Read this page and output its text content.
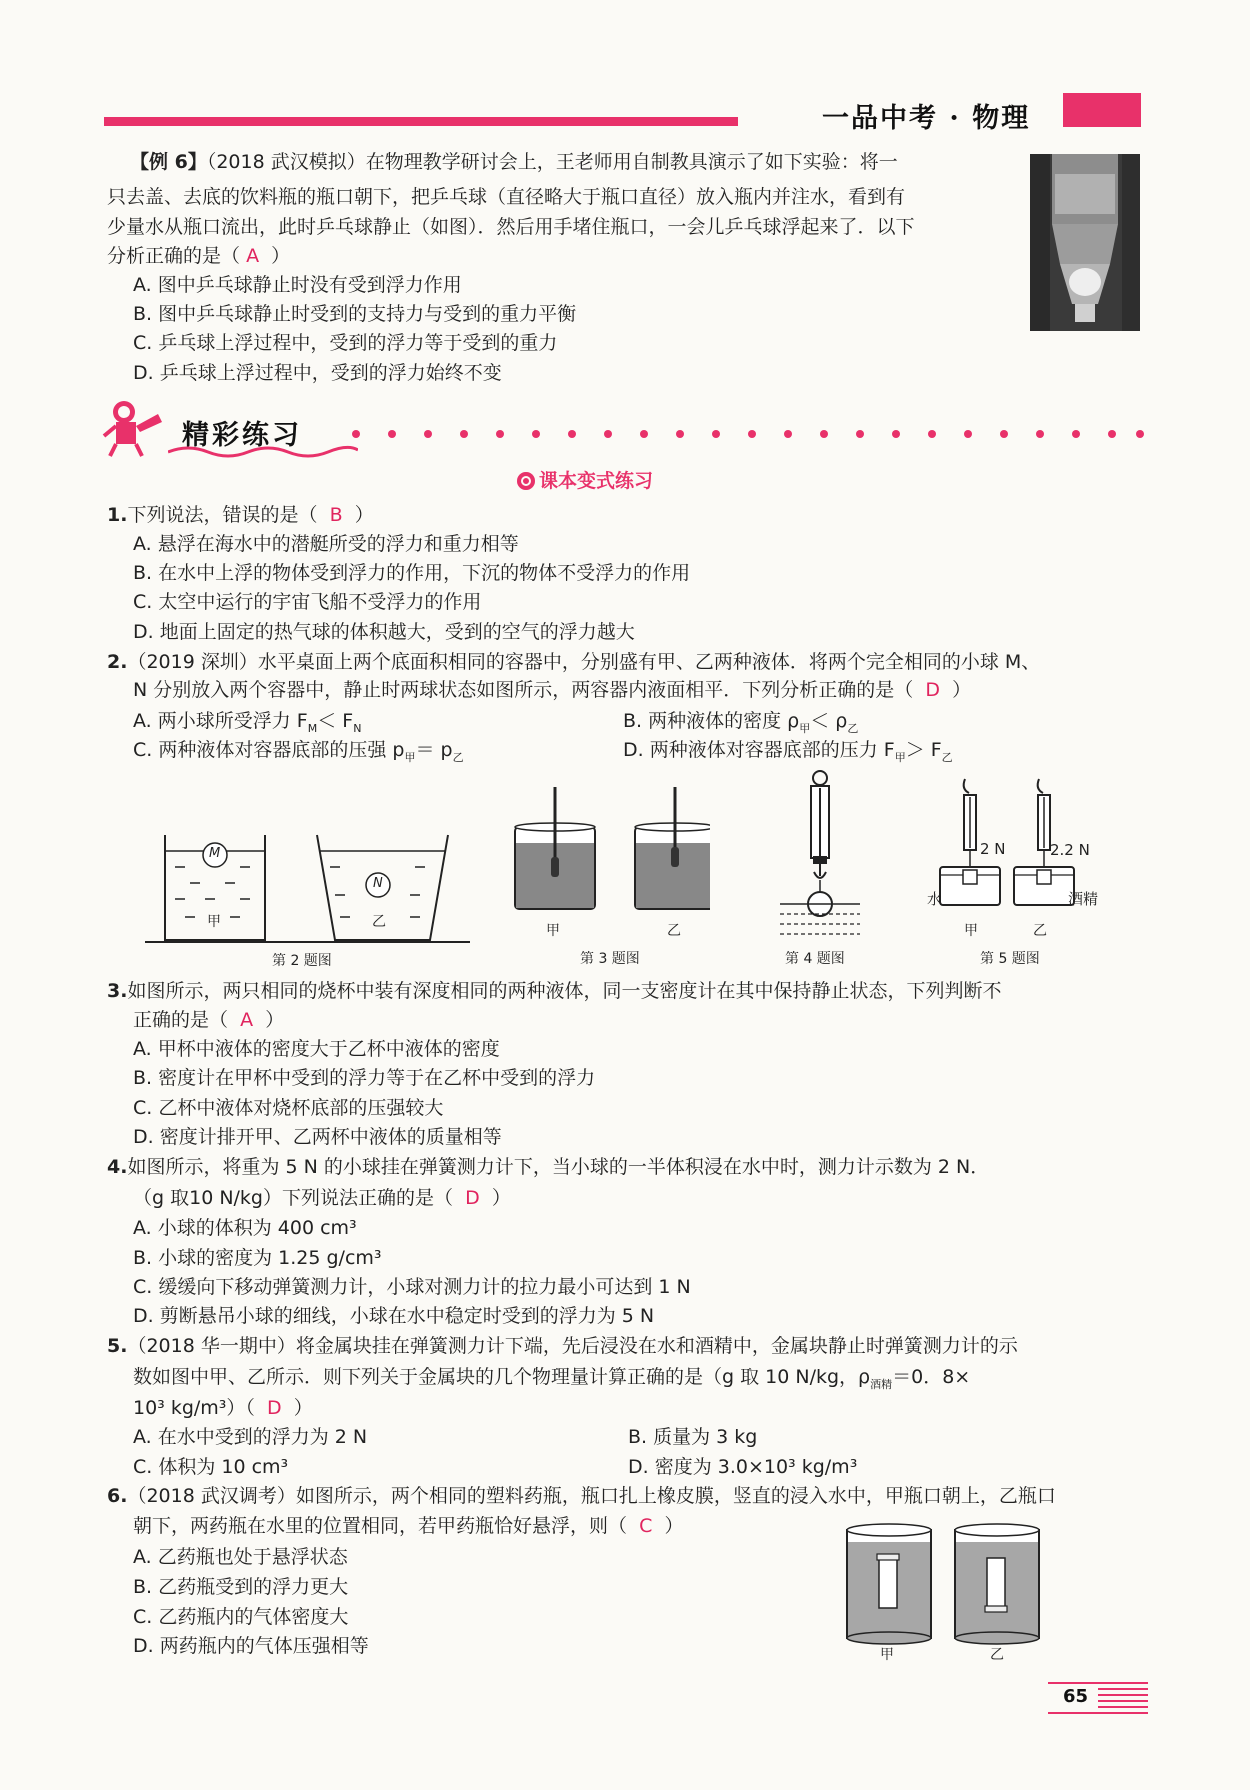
一品中考 · 物理
【例 6】（2018 武汉模拟）在物理教学研讨会上，王老师用自制教具演示了如下实验：将一
只去盖、去底的饮料瓶的瓶口朝下，把乒乓球（直径略大于瓶口直径）放入瓶内并注水，看到有
少量水从瓶口流出，此时乒乓球静止（如图）．然后用手堵住瓶口，一会儿乒乓球浮起来了．以下
分析正确的是（ A ）
A. 图中乒乓球静止时没有受到浮力作用
B. 图中乒乓球静止时受到的支持力与受到的重力平衡
C. 乒乓球上浮过程中，受到的浮力等于受到的重力
D. 乒乓球上浮过程中，受到的浮力始终不变
精彩练习
课本变式练习
1.下列说法，错误的是（ B ）
A. 悬浮在海水中的潜艇所受的浮力和重力相等
B. 在水中上浮的物体受到浮力的作用，下沉的物体不受浮力的作用
C. 太空中运行的宇宙飞船不受浮力的作用
D. 地面上固定的热气球的体积越大，受到的空气的浮力越大
2.（2019 深圳）水平桌面上两个底面积相同的容器中，分别盛有甲、乙两种液体．将两个完全相同的小球 M、
N 分别放入两个容器中，静止时两球状态如图所示，两容器内液面相平．下列分析正确的是（ D ）
A. 两小球所受浮力 $F_M< F_N$	B. 两种液体的密度 $\rho_甲< \rho_乙$
C. 两种液体对容器底部的压强 $p_甲= p_乙$	D. 两种液体对容器底部的压力 $F_甲> F_乙$
M
N
甲	乙
第 2 题图
甲	乙
第 3 题图	第 4 题图
2 N	2.2 N
水	酒精
甲	乙
第 5 题图
3.如图所示，两只相同的烧杯中装有深度相同的两种液体，同一支密度计在其中保持静止状态，下列判断不
正确的是（ A ）
A. 甲杯中液体的密度大于乙杯中液体的密度
B. 密度计在甲杯中受到的浮力等于在乙杯中受到的浮力
C. 乙杯中液体对烧杯底部的压强较大
D. 密度计排开甲、乙两杯中液体的质量相等
4.如图所示，将重为 5 N 的小球挂在弹簧测力计下，当小球的一半体积浸在水中时，测力计示数为 2 N．
（g 取10 N/kg）下列说法正确的是（ D ）
A. 小球的体积为 400 cm³
B. 小球的密度为 1.25 g/cm³
C. 缓缓向下移动弹簧测力计，小球对测力计的拉力最小可达到 1 N
D. 剪断悬吊小球的细线，小球在水中稳定时受到的浮力为 5 N
5.（2018 华一期中）将金属块挂在弹簧测力计下端，先后浸没在水和酒精中，金属块静止时弹簧测力计的示
数如图中甲、乙所示．则下列关于金属块的几个物理量计算正确的是（g 取 10 N/kg，$\rho_{酒精}=0$．8×
10³ kg/m³）（ D ）
A. 在水中受到的浮力为 2 N	B. 质量为 3 kg
C. 体积为 10 cm³	D. 密度为 3.0×10³ kg/m³
6.（2018 武汉调考）如图所示，两个相同的塑料药瓶，瓶口扎上橡皮膜，竖直的浸入水中，甲瓶口朝上，乙瓶口
朝下，两药瓶在水里的位置相同，若甲药瓶恰好悬浮，则（ C ）
A. 乙药瓶也处于悬浮状态
B. 乙药瓶受到的浮力更大
C. 乙药瓶内的气体密度大
D. 两药瓶内的气体压强相等	甲	乙
65
